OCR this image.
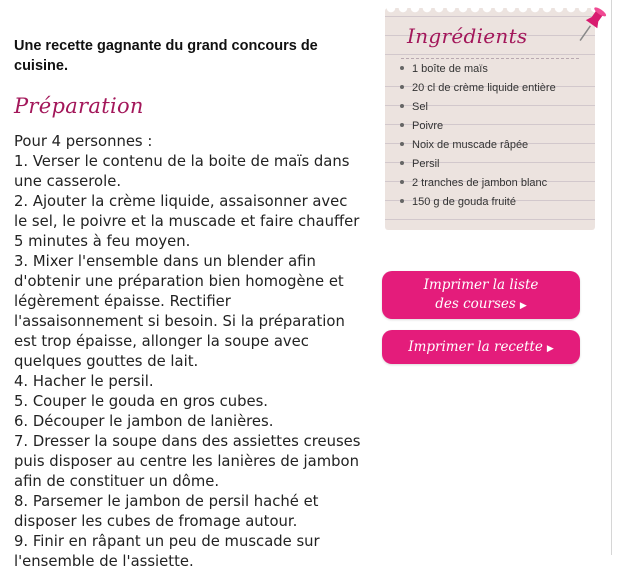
Une recette gagnante du grand concours de cuisine.

Préparation
Pour 4 personnes :
1. Verser le contenu de la boite de maïs dans une casserole.
2. Ajouter la crème liquide, assaisonner avec le sel, le poivre et la muscade et faire chauffer 5 minutes à feu moyen.
3. Mixer l'ensemble dans un blender afin d'obtenir une préparation bien homogène et légèrement épaisse. Rectifier l'assaisonnement si besoin. Si la préparation est trop épaisse, allonger la soupe avec quelques gouttes de lait.
4. Hacher le persil.
5. Couper le gouda en gros cubes.
6. Découper le jambon de lanières.
7. Dresser la soupe dans des assiettes creuses puis disposer au centre les lanières de jambon afin de constituer un dôme.
8. Parsemer le jambon de persil haché et disposer les cubes de fromage autour.
9. Finir en râpant un peu de muscade sur l'ensemble de l'assiette.
Ingrédients
1 boîte de maïs
20 cl de crème liquide entière
Sel
Poivre
Noix de muscade râpée
Persil
2 tranches de jambon blanc
150 g de gouda fruité
Imprimer la liste
des courses ▶
Imprimer la recette ▶
